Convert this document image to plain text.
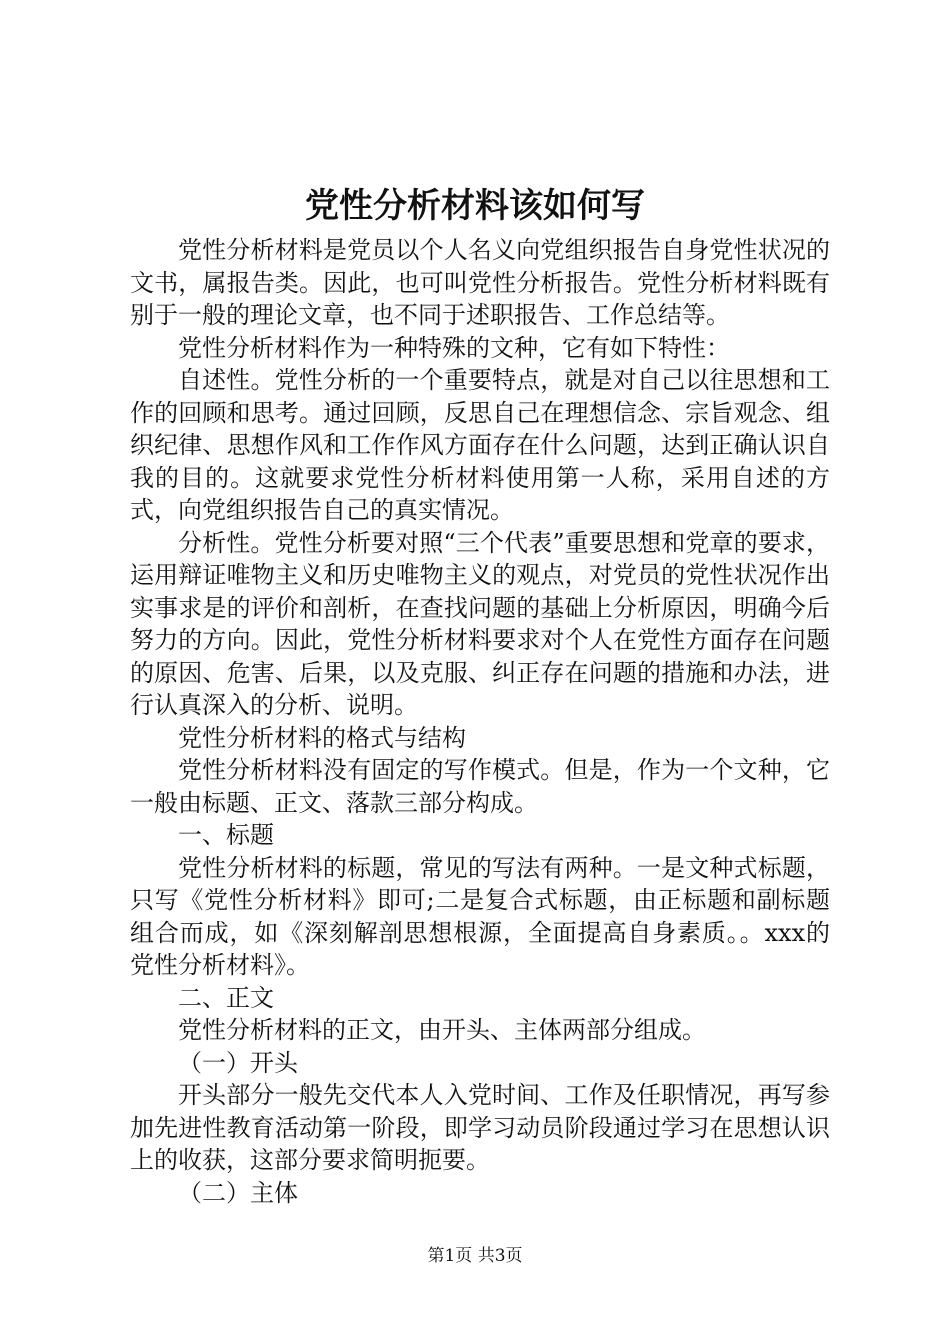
党性分析材料该如何写

党性分析材料是党员以个人名义向党组织报告自身党性状况的文书，属报告类。因此，也可叫党性分析报告。党性分析材料既有别于一般的理论文章，也不同于述职报告、工作总结等。

党性分析材料作为一种特殊的文种，它有如下特性：

自述性。党性分析的一个重要特点，就是对自己以往思想和工作的回顾和思考。通过回顾，反思自己在理想信念、宗旨观念、组织纪律、思想作风和工作作风方面存在什么问题，达到正确认识自我的目的。这就要求党性分析材料使用第一人称，采用自述的方式，向党组织报告自己的真实情况。

分析性。党性分析要对照“三个代表”重要思想和党章的要求，运用辩证唯物主义和历史唯物主义的观点，对党员的党性状况作出实事求是的评价和剖析，在查找问题的基础上分析原因，明确今后努力的方向。因此，党性分析材料要求对个人在党性方面存在问题的原因、危害、后果，以及克服、纠正存在问题的措施和办法，进行认真深入的分析、说明。

党性分析材料的格式与结构

党性分析材料没有固定的写作模式。但是，作为一个文种，它一般由标题、正文、落款三部分构成。

一、标题

党性分析材料的标题，常见的写法有两种。一是文种式标题，只写《党性分析材料》即可;二是复合式标题，由正标题和副标题组合而成，如《深刻解剖思想根源，全面提高自身素质。。xxx的党性分析材料》。

二、正文

党性分析材料的正文，由开头、主体两部分组成。

（一）开头

开头部分一般先交代本人入党时间、工作及任职情况，再写参加先进性教育活动第一阶段，即学习动员阶段通过学习在思想认识上的收获，这部分要求简明扼要。

（二）主体

第1页 共3页
